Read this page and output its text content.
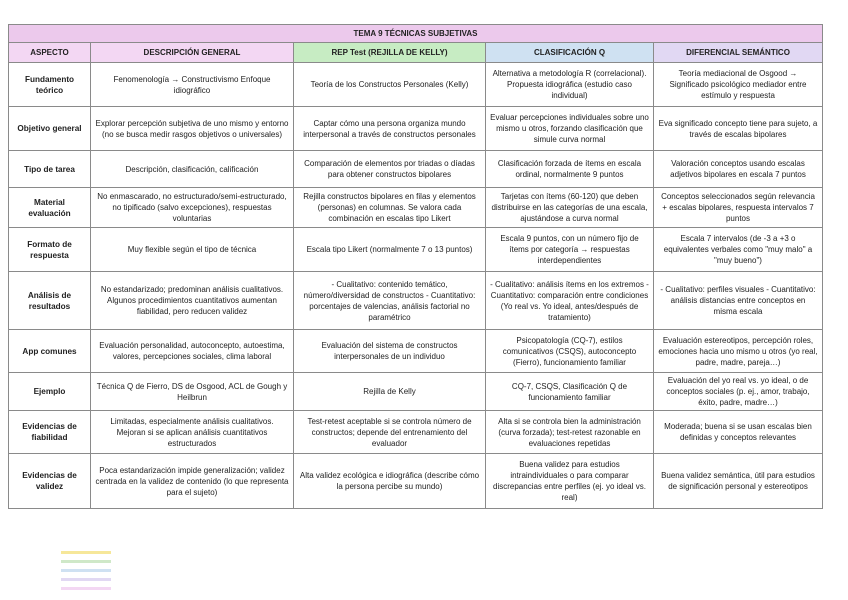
TEMA 9 TÉCNICAS SUBJETIVAS				
ASPECTO	DESCRIPCIÓN GENERAL	REP Test (REJILLA DE KELLY)	CLASIFICACIÓN Q	DIFERENCIAL SEMÁNTICO
Fundamento teórico	Fenomenología → Constructivismo Enfoque idiográfico	Teoría de los Constructos Personales (Kelly)	Alternativa a metodología R (correlacional). Propuesta idiográfica (estudio caso individual)	Teoría mediacional de Osgood → Significado psicológico mediador entre estímulo y respuesta
Objetivo general	Explorar percepción subjetiva de uno mismo y entorno (no se busca medir rasgos objetivos o universales)	Captar cómo una persona organiza mundo interpersonal a través de constructos personales	Evaluar percepciones individuales sobre uno mismo u otros, forzando clasificación que simule curva normal	Eva significado concepto tiene para sujeto, a través de escalas bipolares
Tipo de tarea	Descripción, clasificación, calificación	Comparación de elementos por triadas o díadas para obtener constructos bipolares	Clasificación forzada de ítems en escala ordinal, normalmente 9 puntos	Valoración conceptos usando escalas adjetivos bipolares en escala 7 puntos
Material evaluación	No enmascarado, no estructurado/semi-estructurado, no tipificado (salvo excepciones), respuestas voluntarias	Rejilla constructos bipolares en filas y elementos (personas) en columnas. Se valora cada combinación en escalas tipo Likert	Tarjetas con ítems (60-120) que deben distribuirse en las categorías de una escala, ajustándose a curva normal	Conceptos seleccionados según relevancia + escalas bipolares, respuesta intervalos 7 puntos
Formato de respuesta	Muy flexible según el tipo de técnica	Escala tipo Likert (normalmente 7 o 13 puntos)	Escala 9 puntos, con un número fijo de ítems por categoría → respuestas interdependientes	Escala 7 intervalos (de -3 a +3 o equivalentes verbales como "muy malo" a "muy bueno")
Análisis de resultados	No estandarizado; predominan análisis cualitativos. Algunos procedimientos cuantitativos aumentan fiabilidad, pero reducen validez	- Cualitativo: contenido temático, número/diversidad de constructos - Cuantitativo: porcentajes de valencias, análisis factorial no paramétrico	- Cualitativo: análisis ítems en los extremos - Cuantitativo: comparación entre condiciones (Yo real vs. Yo ideal, antes/después de tratamiento)	- Cualitativo: perfiles visuales - Cuantitativo: análisis distancias entre conceptos en misma escala
App comunes	Evaluación personalidad, autoconcepto, autoestima, valores, percepciones sociales, clima laboral	Evaluación del sistema de constructos interpersonales de un individuo	Psicopatología (CQ-7), estilos comunicativos (CSQS), autoconcepto (Fierro), funcionamiento familiar	Evaluación estereotipos, percepción roles, emociones hacia uno mismo u otros (yo real, padre, madre, pareja…)
Ejemplo	Técnica Q de Fierro, DS de Osgood, ACL de Gough y Heilbrun	Rejilla de Kelly	CQ-7, CSQS, Clasificación Q de funcionamiento familiar	Evaluación del yo real vs. yo ideal, o de conceptos sociales (p. ej., amor, trabajo, éxito, padre, madre…)
Evidencias de fiabilidad	Limitadas, especialmente análisis cualitativos. Mejoran si se aplican análisis cuantitativos estructurados	Test-retest aceptable si se controla número de constructos; depende del entrenamiento del evaluador	Alta si se controla bien la administración (curva forzada); test-retest razonable en evaluaciones repetidas	Moderada; buena si se usan escalas bien definidas y conceptos relevantes
Evidencias de validez	Poca estandarización impide generalización; validez centrada en la validez de contenido (lo que representa para el sujeto)	Alta validez ecológica e idiográfica (describe cómo la persona percibe su mundo)	Buena validez para estudios intraindividuales o para comparar discrepancias entre perfiles (ej. yo ideal vs. real)	Buena validez semántica, útil para estudios de significación personal y estereotipos
